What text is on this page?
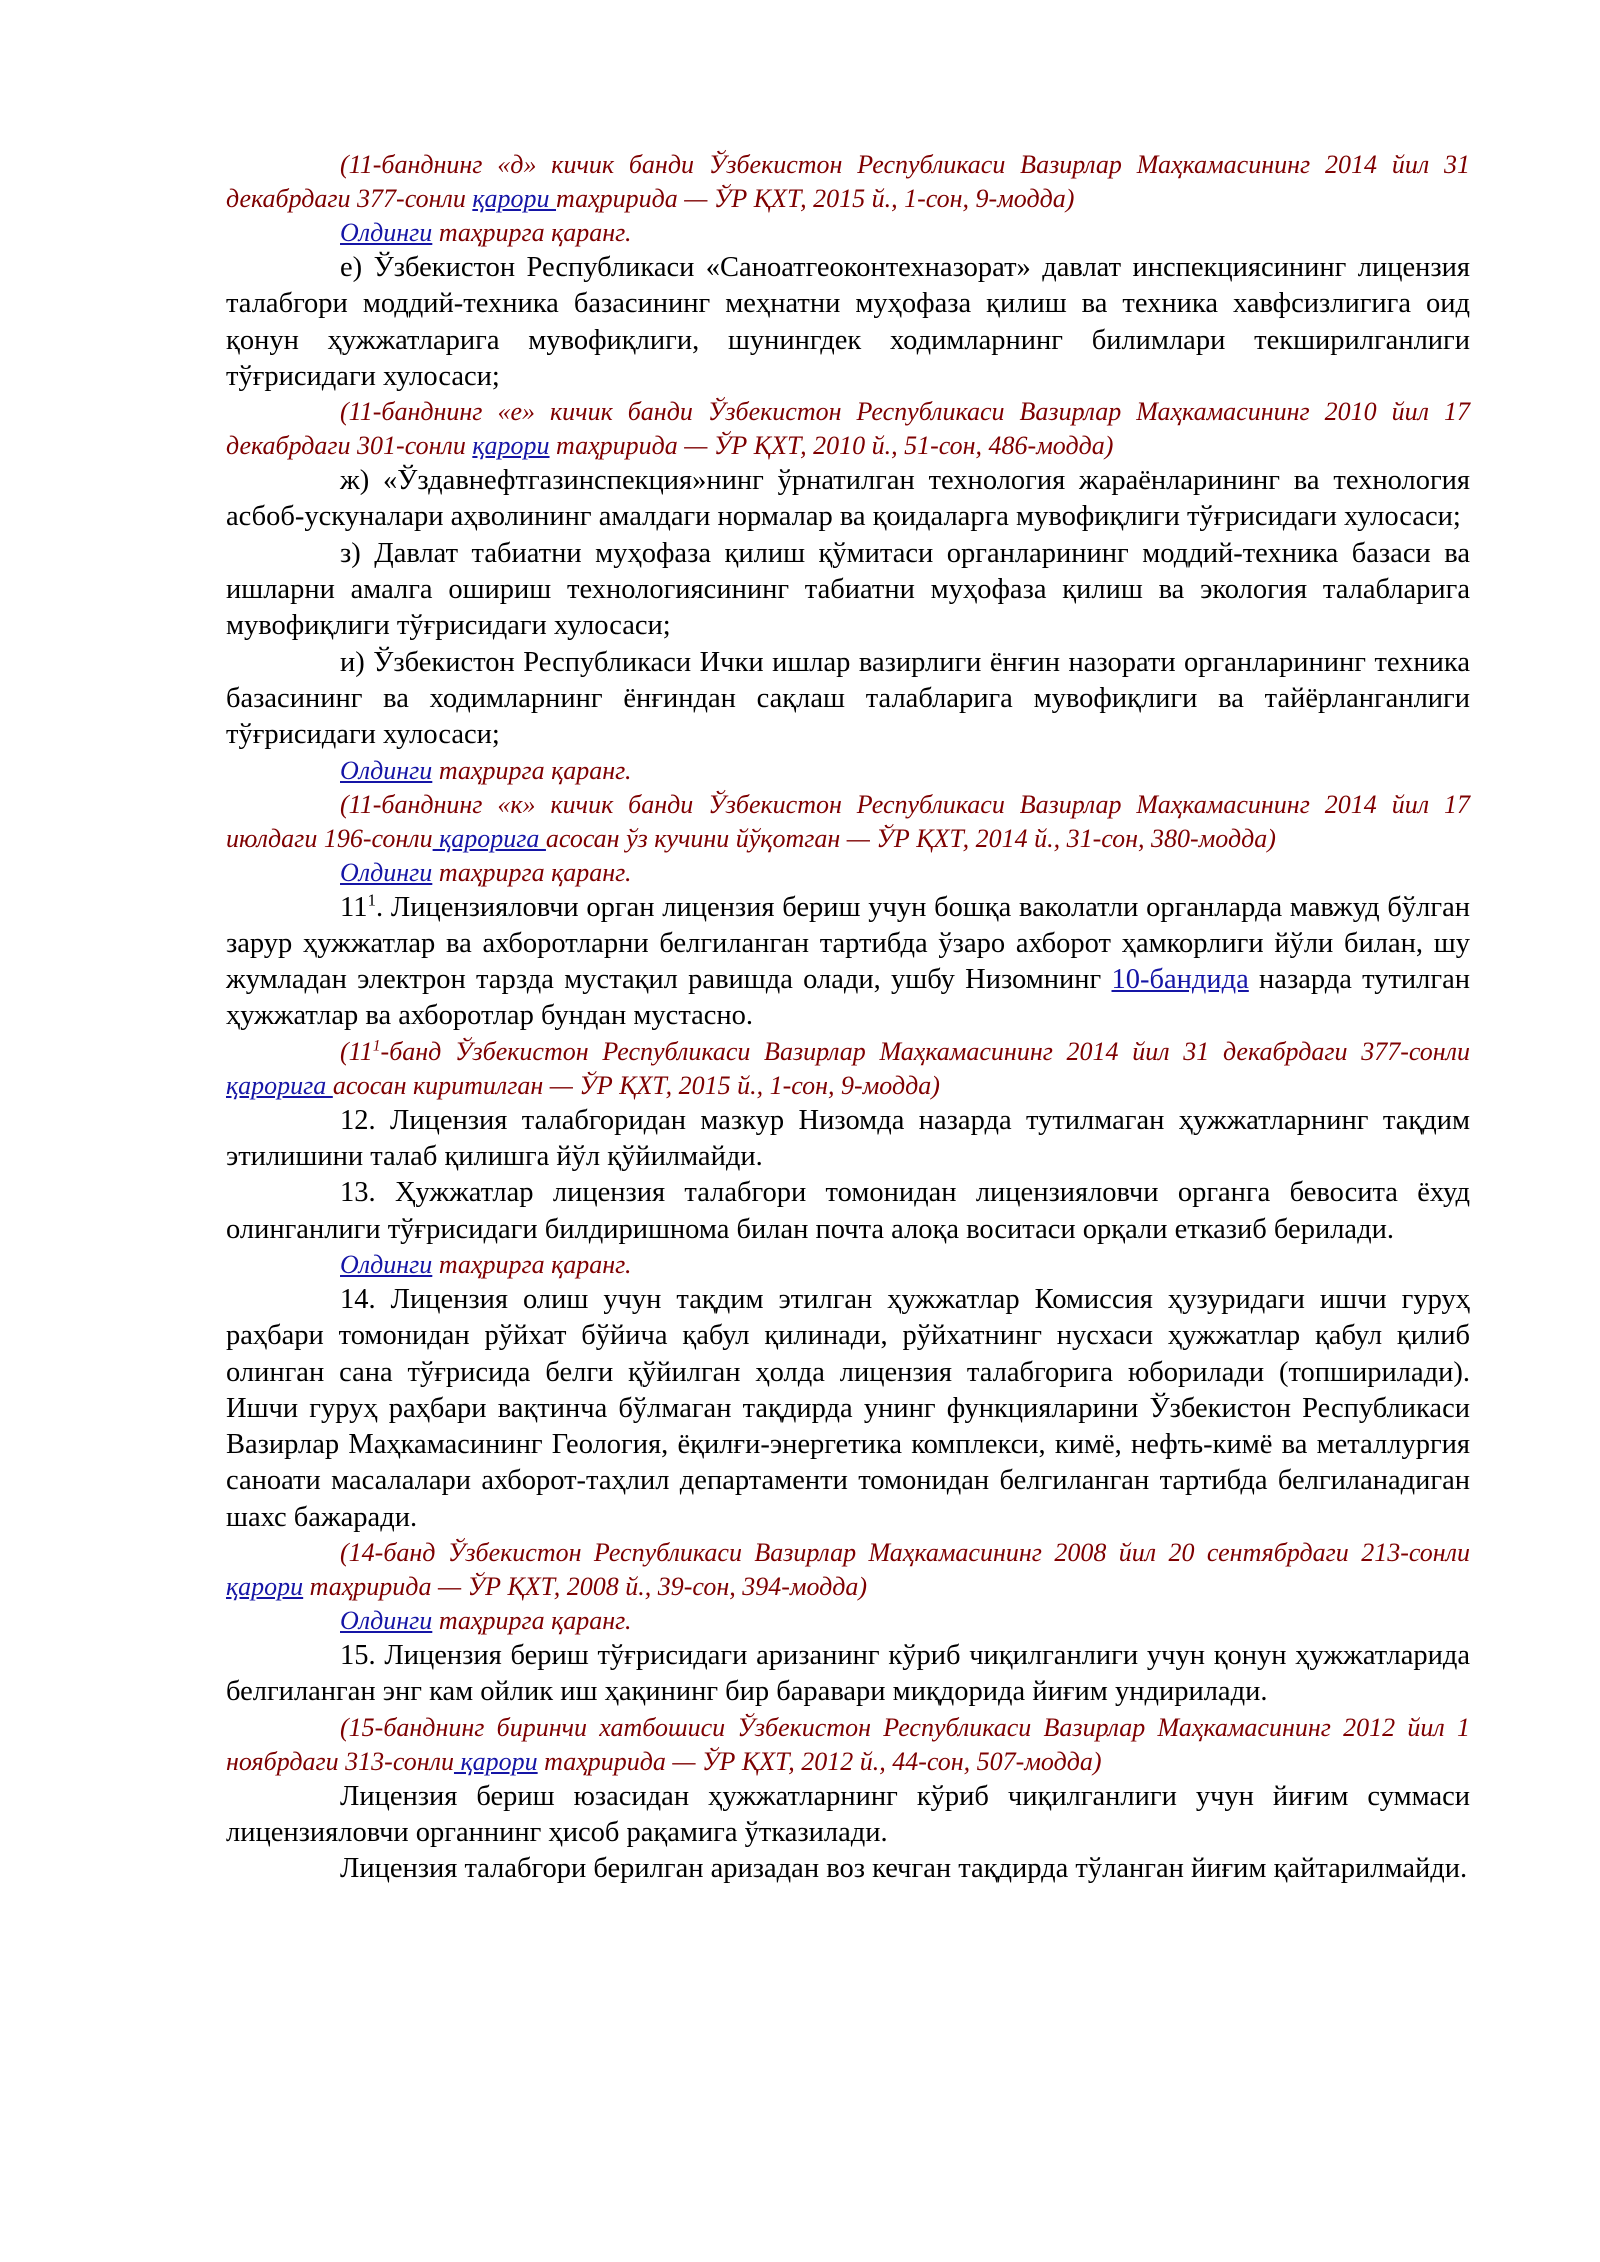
(11-банднинг «д» кичик банди Ўзбекистон Республикаси Вазирлар Маҳкамасининг 2014 йил 31 декабрдаги 377-сонли қарори таҳририда — ЎР ҚХТ, 2015 й., 1-сон, 9-модда)

Олдинги таҳрирга қаранг.

е) Ўзбекистон Республикаси «Саноатгеоконтехназорат» давлат инспекциясининг лицензия талабгори моддий-техника базасининг меҳнатни муҳофаза қилиш ва техника хавфсизлигига оид қонун ҳужжатларига мувофиқлиги, шунингдек ходимларнинг билимлари текширилганлиги тўғрисидаги хулосаси;

(11-банднинг «е» кичик банди Ўзбекистон Республикаси Вазирлар Маҳкамасининг 2010 йил 17 декабрдаги 301-сонли қарори таҳририда — ЎР ҚХТ, 2010 й., 51-сон, 486-модда)

ж) «Ўздавнефтгазинспекция»нинг ўрнатилган технология жараёнларининг ва технология асбоб-ускуналари аҳволининг амалдаги нормалар ва қоидаларга мувофиқлиги тўғрисидаги хулосаси;

з) Давлат табиатни муҳофаза қилиш қўмитаси органларининг моддий-техника базаси ва ишларни амалга ошириш технологиясининг табиатни муҳофаза қилиш ва экология талабларига мувофиқлиги тўғрисидаги хулосаси;

и) Ўзбекистон Республикаси Ички ишлар вазирлиги ёнғин назорати органларининг техника базасининг ва ходимларнинг ёнғиндан сақлаш талабларига мувофиқлиги ва тайёрланганлиги тўғрисидаги хулосаси;

Олдинги таҳрирга қаранг.

(11-банднинг «к» кичик банди Ўзбекистон Республикаси Вазирлар Маҳкамасининг 2014 йил 17 июлдаги 196-сонли қарорига асосан ўз кучини йўқотган — ЎР ҚХТ, 2014 й., 31-сон, 380-модда)

Олдинги таҳрирга қаранг.

$11^1$. Лицензияловчи орган лицензия бериш учун бошқа ваколатли органларда мавжуд бўлган зарур ҳужжатлар ва ахборотларни белгиланган тартибда ўзаро ахборот ҳамкорлиги йўли билан, шу жумладан электрон тарзда мустақил равишда олади, ушбу Низомнинг 10-бандида назарда тутилган ҳужжатлар ва ахборотлар бундан мустасно.

($11^1$-банд Ўзбекистон Республикаси Вазирлар Маҳкамасининг 2014 йил 31 декабрдаги 377-сонли қарорига асосан киритилган — ЎР ҚХТ, 2015 й., 1-сон, 9-модда)

12. Лицензия талабгоридан мазкур Низомда назарда тутилмаган ҳужжатларнинг тақдим этилишини талаб қилишга йўл қўйилмайди.

13. Ҳужжатлар лицензия талабгори томонидан лицензияловчи органга бевосита ёхуд олинганлиги тўғрисидаги билдиришнома билан почта алоқа воситаси орқали етказиб берилади.

Олдинги таҳрирга қаранг.

14. Лицензия олиш учун тақдим этилган ҳужжатлар Комиссия ҳузуридаги ишчи гуруҳ раҳбари томонидан рўйхат бўйича қабул қилинади, рўйхатнинг нусхаси ҳужжатлар қабул қилиб олинган сана тўғрисида белги қўйилган ҳолда лицензия талабгорига юборилади (топширилади). Ишчи гуруҳ раҳбари вақтинча бўлмаган тақдирда унинг функцияларини Ўзбекистон Республикаси Вазирлар Маҳкамасининг Геология, ёқилғи-энергетика комплекси, кимё, нефть-кимё ва металлургия саноати масалалари ахборот-таҳлил департаменти томонидан белгиланган тартибда белгиланадиган шахс бажаради.

(14-банд Ўзбекистон Республикаси Вазирлар Маҳкамасининг 2008 йил 20 сентябрдаги 213-сонли қарори таҳририда — ЎР ҚХТ, 2008 й., 39-сон, 394-модда)

Олдинги таҳрирга қаранг.

15. Лицензия бериш тўғрисидаги аризанинг кўриб чиқилганлиги учун қонун ҳужжатларида белгиланган энг кам ойлик иш ҳақининг бир баравари миқдорида йиғим ундирилади.

(15-банднинг биринчи хатбошиси Ўзбекистон Республикаси Вазирлар Маҳкамасининг 2012 йил 1 ноябрдаги 313-сонли қарори таҳририда — ЎР ҚХТ, 2012 й., 44-сон, 507-модда)

Лицензия бериш юзасидан ҳужжатларнинг кўриб чиқилганлиги учун йиғим суммаси лицензияловчи органнинг ҳисоб рақамига ўтказилади.

Лицензия талабгори берилган аризадан воз кечган тақдирда тўланган йиғим қайтарилмайди.
